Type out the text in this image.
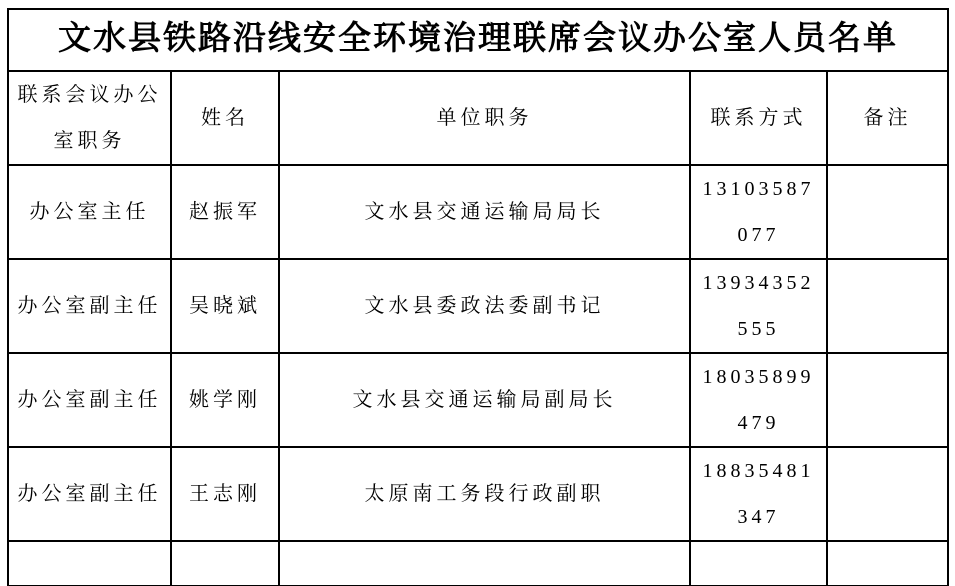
文水县铁路沿线安全环境治理联席会议办公室人员名单				
联系会议办公室职务	姓名	单位职务	联系方式	备注
办公室主任	赵振军	文水县交通运输局局长	13103587077	
办公室副主任	吴晓斌	文水县委政法委副书记	13934352555	
办公室副主任	姚学刚	文水县交通运输局副局长	18035899479	
办公室副主任	王志刚	太原南工务段行政副职	18835481347	
